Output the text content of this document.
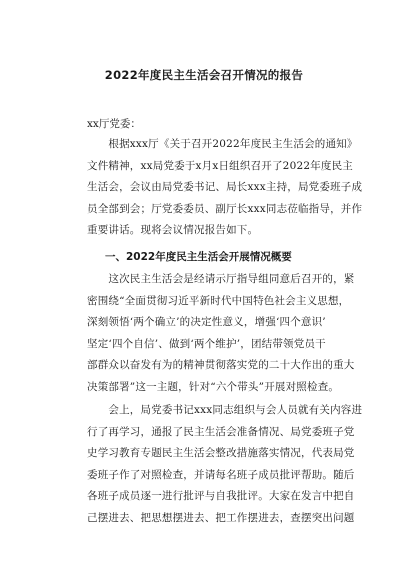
2022年度民主生活会召开情况的报告
xx厅党委：
　　根据xxx厅《关于召开2022年度民主生活会的通知》
文件精神，xx局党委于x月x日组织召开了2022年度民主
生活会，会议由局党委书记、局长xxx主持，局党委班子成
员全部到会；厅党委委员、副厅长xxx同志莅临指导，并作
重要讲话。现将会议情况报告如下。
一、2022年度民主生活会开展情况概要
　　这次民主生活会是经请示厅指导组同意后召开的，紧
密围绕“全面贯彻习近平新时代中国特色社会主义思想，
深刻领悟‘两个确立’的决定性意义，增强‘四个意识’
坚定‘四个自信’、做到‘两个维护’，团结带领党员干
部群众以奋发有为的精神贯彻落实党的二十大作出的重大
决策部署”这一主题，针对“六个带头”开展对照检查。
　　会上，局党委书记xxx同志组织与会人员就有关内容进
行了再学习，通报了民主生活会准备情况、局党委班子党
史学习教育专题民主生活会整改措施落实情况，代表局党
委班子作了对照检查，并请每名班子成员批评帮助。随后
各班子成员逐一进行批评与自我批评。大家在发言中把自
己摆进去、把思想摆进去、把工作摆进去，查摆突出问题
